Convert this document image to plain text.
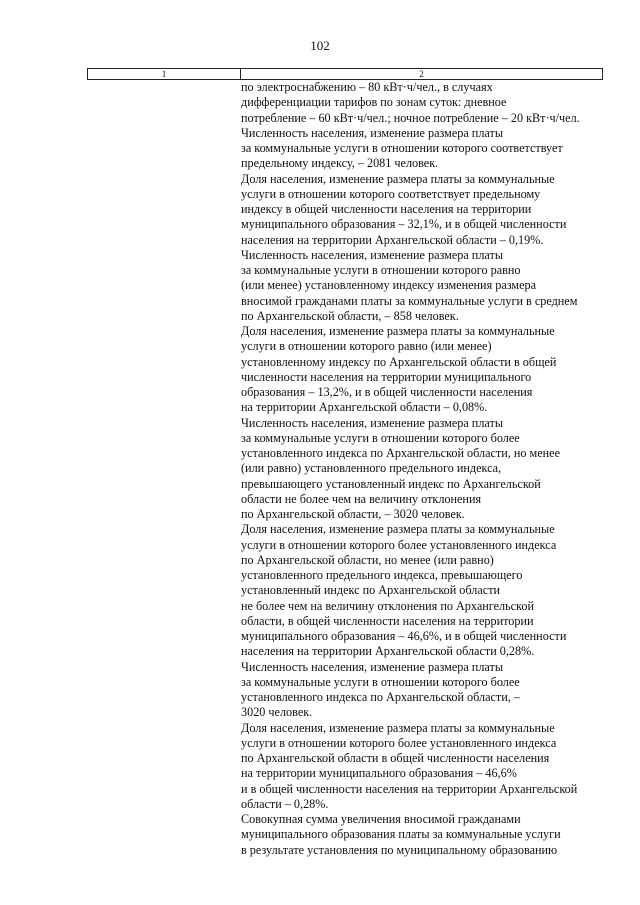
102
1	2
по электроснабжению – 80 кВт·ч/чел., в случаях
дифференциации тарифов по зонам суток: дневное
потребление – 60 кВт·ч/чел.; ночное потребление – 20 кВт·ч/чел.
Численность населения, изменение размера платы
за коммунальные услуги в отношении которого соответствует
предельному индексу, – 2081 человек.
Доля населения, изменение размера платы за коммунальные
услуги в отношении которого соответствует предельному
индексу в общей численности населения на территории
муниципального образования – 32,1%, и в общей численности
населения на территории Архангельской области – 0,19%.
Численность населения, изменение размера платы
за коммунальные услуги в отношении которого равно
(или менее) установленному индексу изменения размера
вносимой гражданами платы за коммунальные услуги в среднем
по Архангельской области, – 858 человек.
Доля населения, изменение размера платы за коммунальные
услуги в отношении которого равно (или менее)
установленному индексу по Архангельской области в общей
численности населения на территории муниципального
образования – 13,2%, и в общей численности населения
на территории Архангельской области – 0,08%.
Численность населения, изменение размера платы
за коммунальные услуги в отношении которого более
установленного индекса по Архангельской области, но менее
(или равно) установленного предельного индекса,
превышающего установленный индекс по Архангельской
области не более чем на величину отклонения
по Архангельской области, – 3020 человек.
Доля населения, изменение размера платы за коммунальные
услуги в отношении которого более установленного индекса
по Архангельской области, но менее (или равно)
установленного предельного индекса, превышающего
установленный индекс по Архангельской области
не более чем на величину отклонения по Архангельской
области, в общей численности населения на территории
муниципального образования – 46,6%, и в общей численности
населения на территории Архангельской области 0,28%.
Численность населения, изменение размера платы
за коммунальные услуги в отношении которого более
установленного индекса по Архангельской области, –
3020 человек.
Доля населения, изменение размера платы за коммунальные
услуги в отношении которого более установленного индекса
по Архангельской области в общей численности населения
на территории муниципального образования – 46,6%
и в общей численности населения на территории Архангельской
области – 0,28%.
Совокупная сумма увеличения вносимой гражданами
муниципального образования платы за коммунальные услуги
в результате установления по муниципальному образованию
